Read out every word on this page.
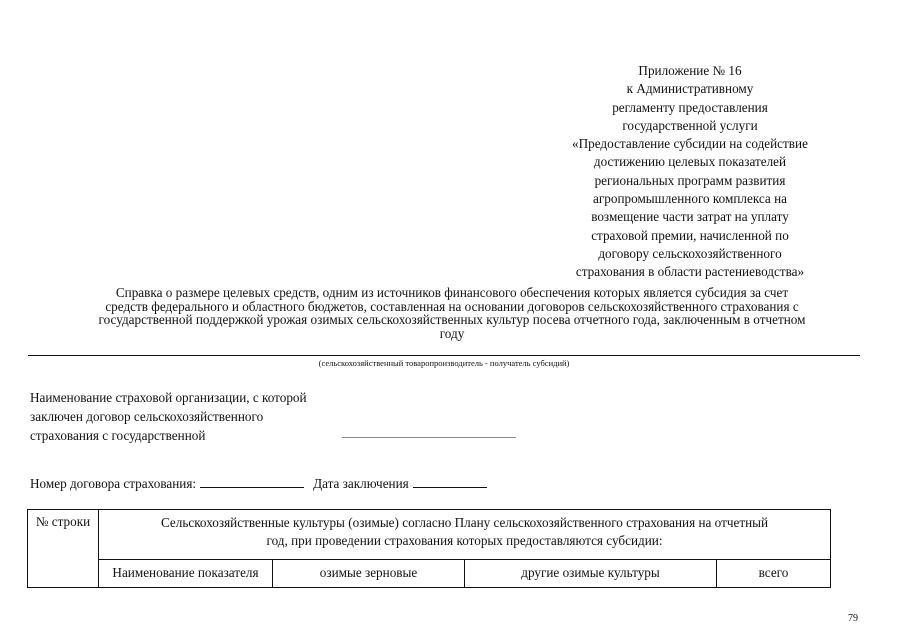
Приложение № 16
к Административному
регламенту предоставления
государственной услуги
«Предоставление субсидии на содействие
достижению целевых показателей
региональных программ развития
агропромышленного комплекса на
возмещение части затрат на уплату
страховой премии, начисленной по
договору сельскохозяйственного
страхования в области растениеводства»
Справка о размере целевых средств, одним из источников финансового обеспечения которых является субсидия за счет
средств федерального и областного бюджетов, составленная на основании договоров сельскохозяйственного страхования с
государственной поддержкой урожая озимых сельскохозяйственных культур посева отчетного года, заключенным в отчетном
году
(сельскохозяйственный товаропроизводитель - получатель субсидий)
Наименование страховой организации, с которой
заключен договор сельскохозяйственного
страхования с государственной
Номер договора страхования:	Дата заключения
№ строки	Сельскохозяйственные культуры (озимые) согласно Плану сельскохозяйственного страхования на отчетный
год, при проведении страхования которых предоставляются субсидии:			

	Наименование показателя	озимые зерновые	другие озимые культуры	всего
79
